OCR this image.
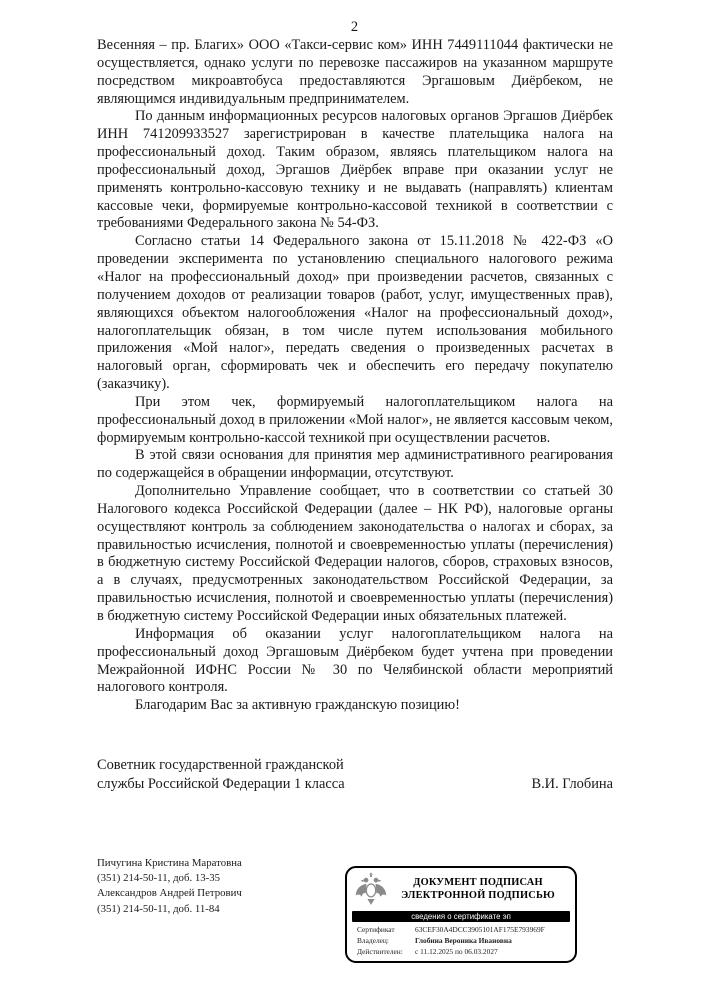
2

Весенняя – пр. Благих» ООО «Такси-сервис ком» ИНН 7449111044 фактически не осуществляется, однако услуги по перевозке пассажиров на указанном маршруте посредством микроавтобуса предоставляются Эргашовым Диёрбеком, не являющимся индивидуальным предпринимателем.

По данным информационных ресурсов налоговых органов Эргашов Диёрбек ИНН 741209933527 зарегистрирован в качестве плательщика налога на профессиональный доход. Таким образом, являясь плательщиком налога на профессиональный доход, Эргашов Диёрбек вправе при оказании услуг не применять контрольно-кассовую технику и не выдавать (направлять) клиентам кассовые чеки, формируемые контрольно-кассовой техникой в соответствии с требованиями Федерального закона № 54-ФЗ.

Согласно статьи 14 Федерального закона от 15.11.2018 № 422-ФЗ «О проведении эксперимента по установлению специального налогового режима «Налог на профессиональный доход» при произведении расчетов, связанных с получением доходов от реализации товаров (работ, услуг, имущественных прав), являющихся объектом налогообложения «Налог на профессиональный доход», налогоплательщик обязан, в том числе путем использования мобильного приложения «Мой налог», передать сведения о произведенных расчетах в налоговый орган, сформировать чек и обеспечить его передачу покупателю (заказчику).

При этом чек, формируемый налогоплательщиком налога на профессиональный доход в приложении «Мой налог», не является кассовым чеком, формируемым контрольно-кассой техникой при осуществлении расчетов.

В этой связи основания для принятия мер административного реагирования по содержащейся в обращении информации, отсутствуют.

Дополнительно Управление сообщает, что в соответствии со статьей 30 Налогового кодекса Российской Федерации (далее – НК РФ), налоговые органы осуществляют контроль за соблюдением законодательства о налогах и сборах, за правильностью исчисления, полнотой и своевременностью уплаты (перечисления) в бюджетную систему Российской Федерации налогов, сборов, страховых взносов, а в случаях, предусмотренных законодательством Российской Федерации, за правильностью исчисления, полнотой и своевременностью уплаты (перечисления) в бюджетную систему Российской Федерации иных обязательных платежей.

Информация об оказании услуг налогоплательщиком налога на профессиональный доход Эргашовым Диёрбеком будет учтена при проведении Межрайонной ИФНС России № 30 по Челябинской области мероприятий налогового контроля.

Благодарим Вас за активную гражданскую позицию!

Советник государственной гражданской
службы Российской Федерации 1 класса	В.И. Глобина
Пичугина Кристина Маратовна
(351) 214-50-11, доб. 13-35
Александров Андрей Петрович
(351) 214-50-11, доб. 11-84
ДОКУМЕНТ ПОДПИСАН
ЭЛЕКТРОННОЙ ПОДПИСЬЮ
сведения о сертификате эп
Сертификат	63CEF30A4DCC3905101AF175E793969F
Владелец:	Глобина Вероника Ивановна
Действителен:	с 11.12.2025 по 06.03.2027
